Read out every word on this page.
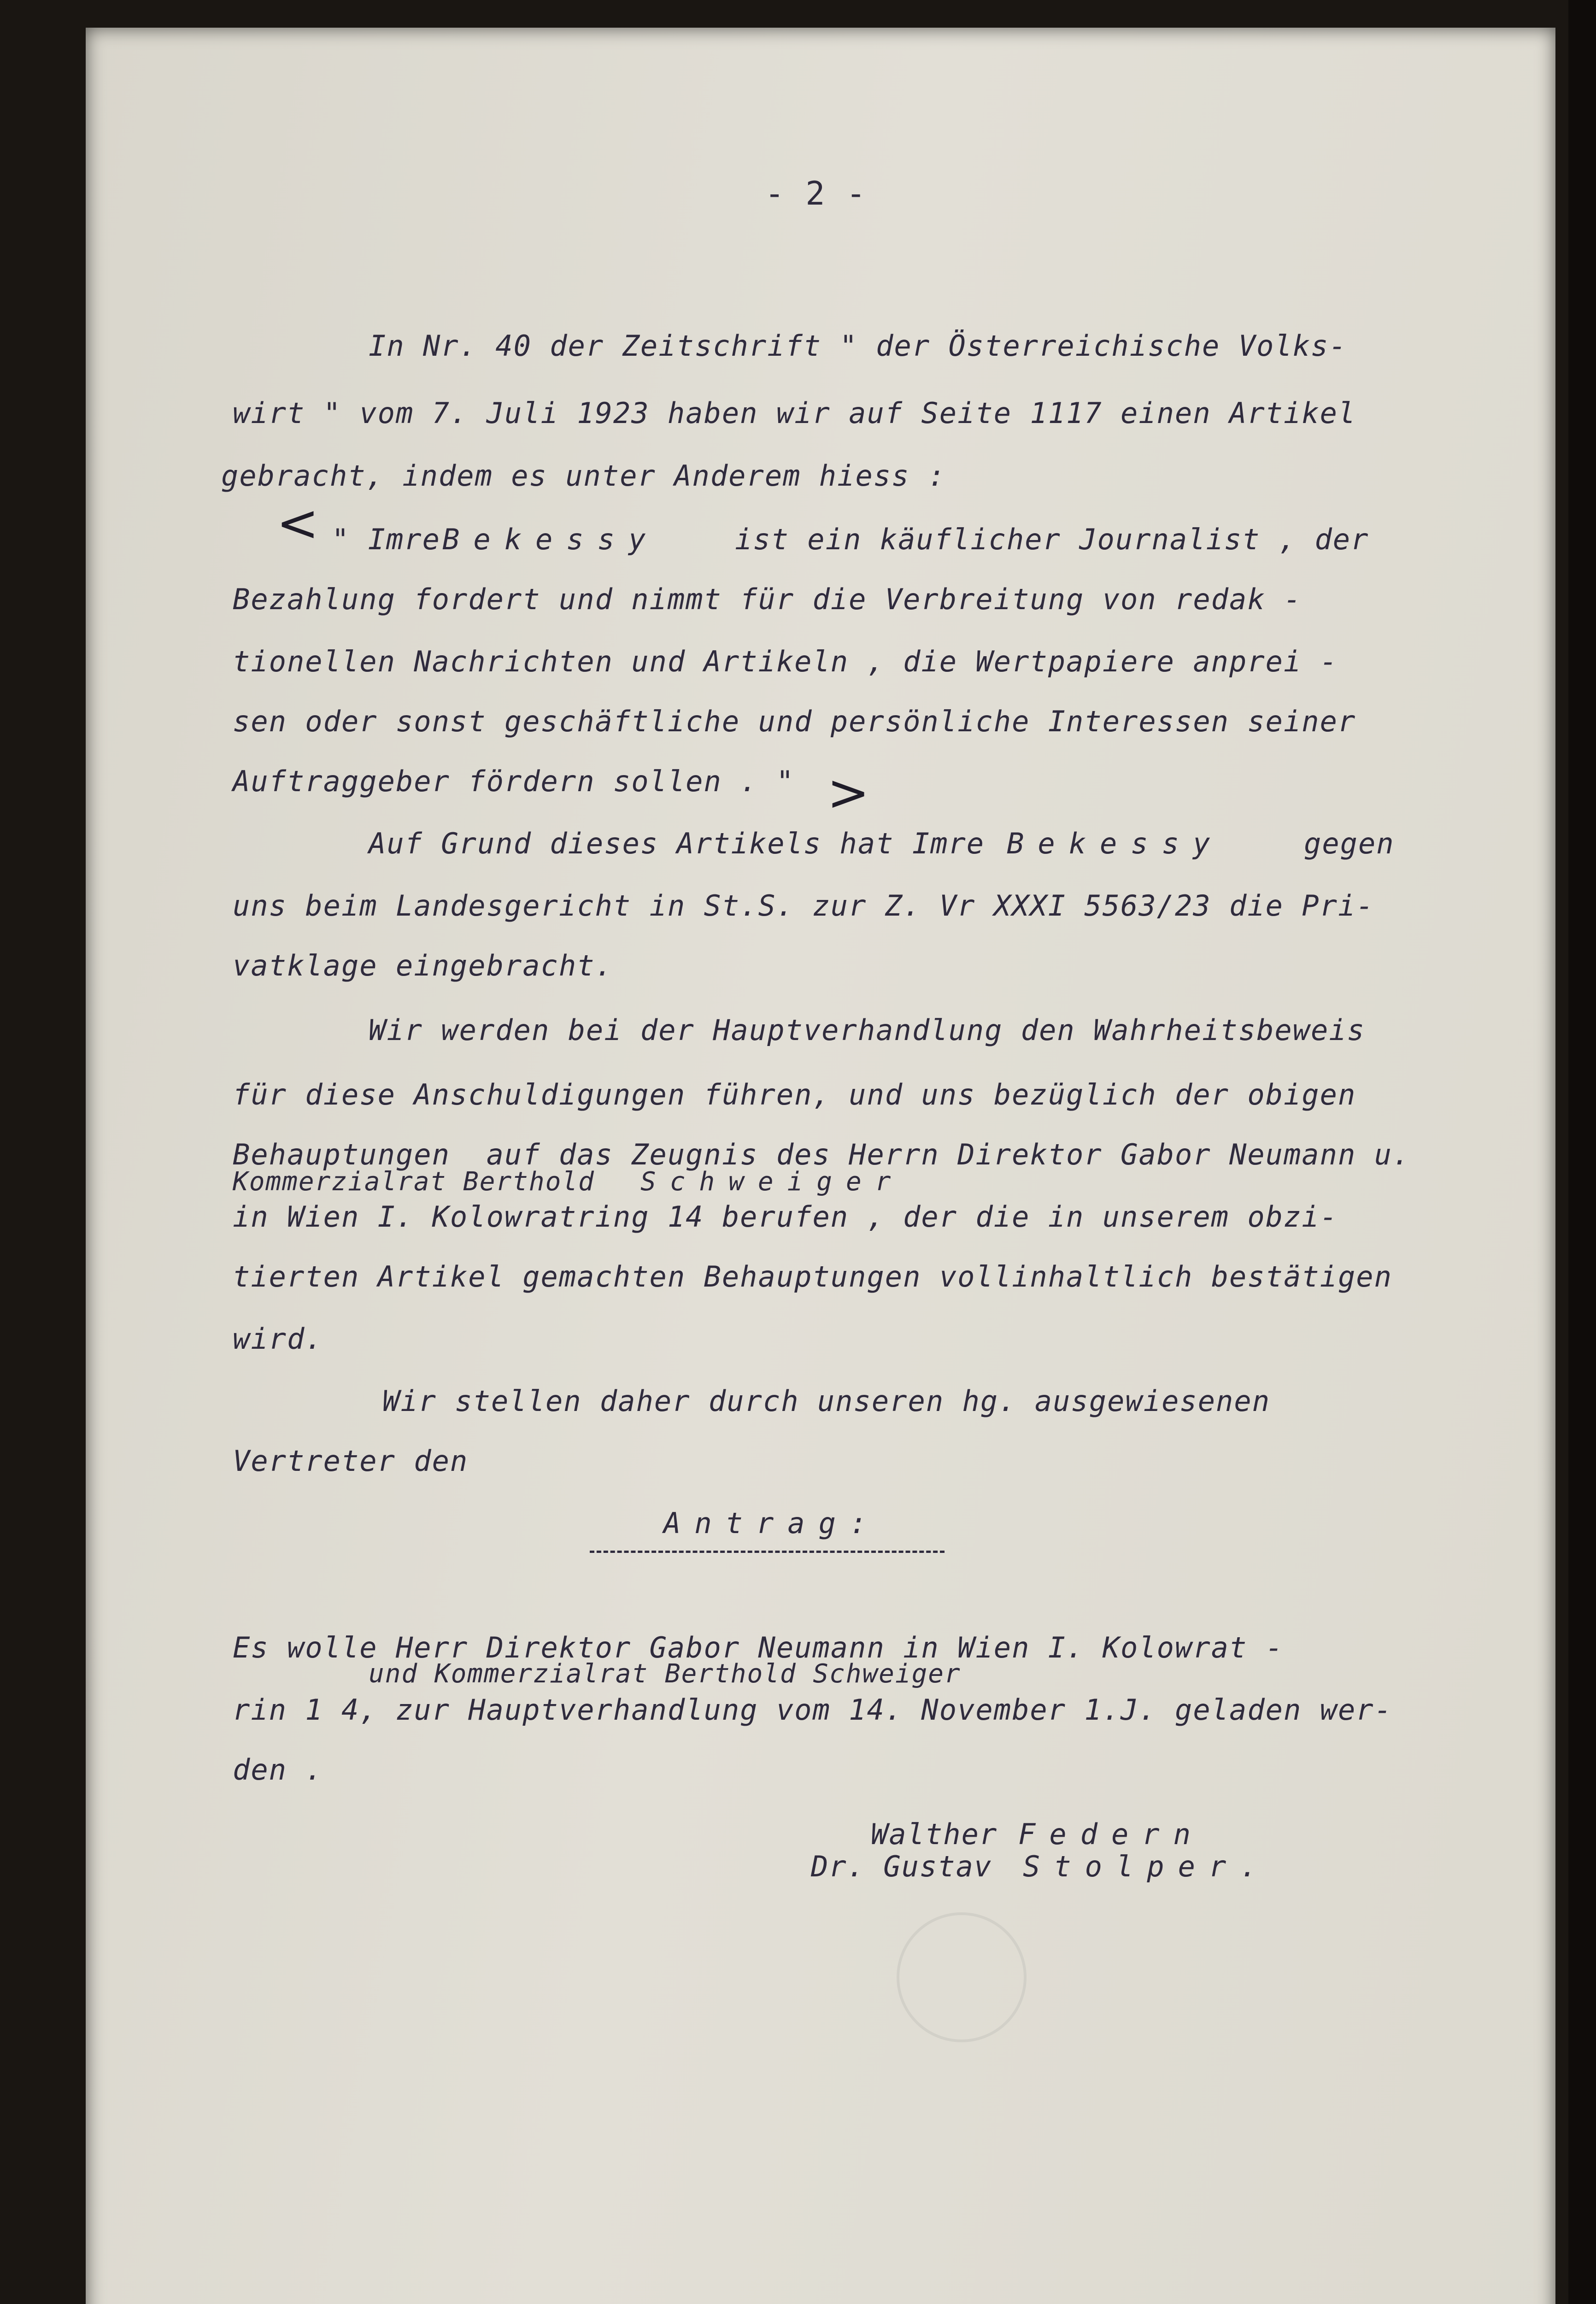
- 2 -
In Nr. 40 der Zeitschrift " der Österreichische Volks-
wirt " vom 7. Juli 1923 haben wir auf Seite 1117 einen Artikel
gebracht, indem es unter Anderem hiess :
< " Imre Bekessy	ist ein käuflicher Journalist , der
Bezahlung fordert und nimmt für die Verbreitung von redak -
tionellen Nachrichten und Artikeln , die Wertpapiere anprei -
sen oder sonst geschäftliche und persönliche Interessen seiner
Auftraggeber fördern sollen . " >
Auf Grund dieses Artikels hat Imre Bekessy	gegen
uns beim Landesgericht in St.S. zur Z. Vr XXXI 5563/23 die Pri-
vatklage eingebracht.
Wir werden bei der Hauptverhandlung den Wahrheitsbeweis
für diese Anschuldigungen führen, und uns bezüglich der obigen
Behauptungen  auf das Zeugnis des Herrn Direktor Gabor Neumann u.
Kommerzialrat Berthold Schweiger
in Wien I. Kolowratring 14 berufen , der die in unserem obzi-
tierten Artikel gemachten Behauptungen vollinhaltlich bestätigen
wird.
Wir stellen daher durch unseren hg. ausgewiesenen
Vertreter den
Antrag:
Es wolle Herr Direktor Gabor Neumann in Wien I. Kolowrat -
und Kommerzialrat Berthold Schweiger
rin 1 4, zur Hauptverhandlung vom 14. November 1.J. geladen wer-
den .
Walther Federn
Dr. Gustav Stolper.
